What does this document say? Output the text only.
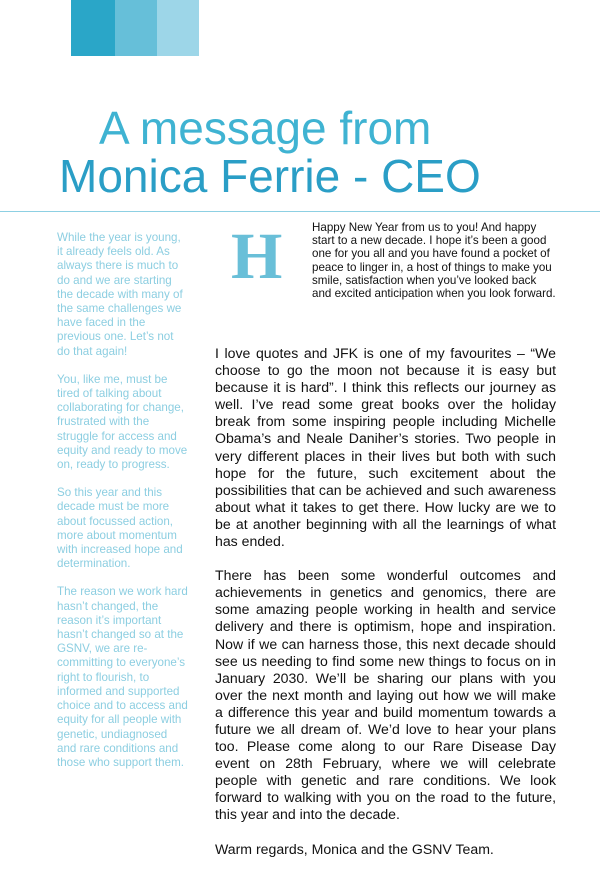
A message from
Monica Ferrie - CEO

While the year is young, it already feels old. As always there is much to do and we are starting the decade with many of the same challenges we have faced in the previous one. Let’s not do that again!

You, like me, must be tired of talking about collaborating for change, frustrated with the struggle for access and equity and ready to move on, ready to progress.

So this year and this decade must be more about focussed action, more about momentum with increased hope and determination.

The reason we work hard hasn’t changed, the reason it’s important hasn’t changed so at the GSNV, we are re-committing to everyone’s right to flourish, to informed and supported choice and to access and equity for all people with genetic, undiagnosed and rare conditions and those who support them.

H	Happy New Year from us to you! And happy start to a new decade. I hope it’s been a good one for you all and you have found a pocket of peace to linger in, a host of things to make you smile, satisfaction when you’ve looked back and excited anticipation when you look forward.

I love quotes and JFK is one of my favourites – “We choose to go the moon not because it is easy but because it is hard”. I think this reflects our journey as well. I’ve read some great books over the holiday break from some inspiring people including Michelle Obama’s and Neale Daniher’s stories. Two people in very different places in their lives but both with such hope for the future, such excitement about the possibilities that can be achieved and such awareness about what it takes to get there. How lucky are we to be at another beginning with all the learnings of what has ended.

There has been some wonderful outcomes and achievements in genetics and genomics, there are some amazing people working in health and service delivery and there is optimism, hope and inspiration. Now if we can harness those, this next decade should see us needing to find some new things to focus on in January 2030. We’ll be sharing our plans with you over the next month and laying out how we will make a difference this year and build momentum towards a future we all dream of. We’d love to hear your plans too. Please come along to our Rare Disease Day event on 28th February, where we will celebrate people with genetic and rare conditions. We look forward to walking with you on the road to the future, this year and into the decade.

Warm regards, Monica and the GSNV Team.
